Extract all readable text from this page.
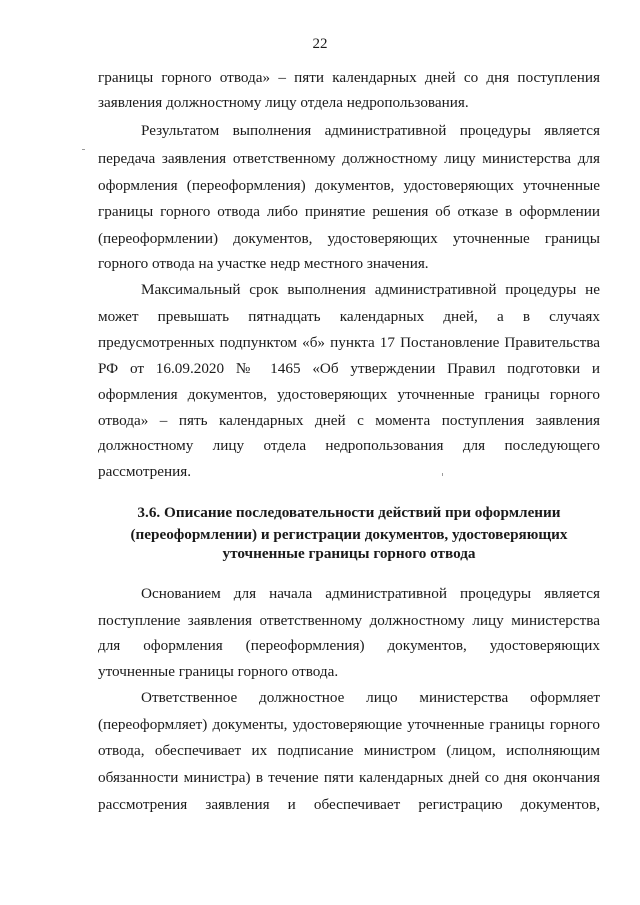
22
границы горного отвода» – пяти календарных дней со дня поступления
заявления должностному лицу отдела недропользования.
Результатом выполнения административной процедуры является
передача заявления ответственному должностному лицу министерства для
оформления (переоформления) документов, удостоверяющих уточненные
границы горного отвода либо принятие решения об отказе в оформлении
(переоформлении) документов, удостоверяющих уточненные границы
горного отвода на участке недр местного значения.
Максимальный срок выполнения административной процедуры не
может превышать пятнадцать календарных дней, а в случаях
предусмотренных подпунктом «б» пункта 17 Постановление Правительства
РФ от 16.09.2020 № 1465 «Об утверждении Правил подготовки и
оформления документов, удостоверяющих уточненные границы горного
отвода» – пять календарных дней с момента поступления заявления
должностному лицу отдела недропользования для последующего
рассмотрения.
3.6. Описание последовательности действий при оформлении
(переоформлении) и регистрации документов, удостоверяющих
уточненные границы горного отвода
Основанием для начала административной процедуры является
поступление заявления ответственному должностному лицу министерства
для оформления (переоформления) документов, удостоверяющих
уточненные границы горного отвода.
Ответственное должностное лицо министерства оформляет
(переоформляет) документы, удостоверяющие уточненные границы горного
отвода, обеспечивает их подписание министром (лицом, исполняющим
обязанности министра) в течение пяти календарных дней со дня окончания
рассмотрения заявления и обеспечивает регистрацию документов,
